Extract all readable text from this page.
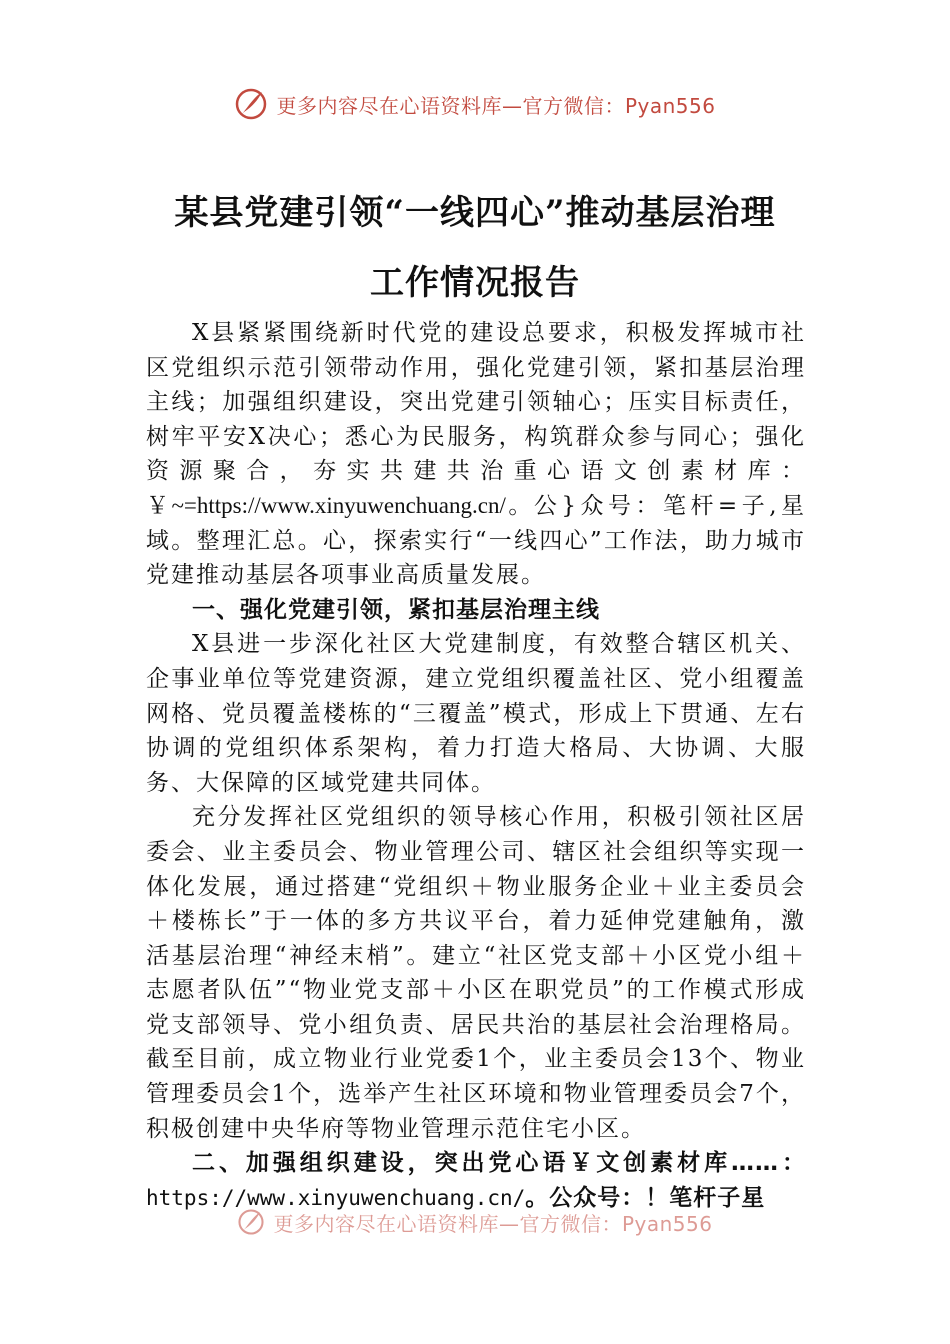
更多内容尽在心语资料库—官方微信：Pyan556
某县党建引领“一线四心”推动基层治理
工作情况报告

X县紧紧围绕新时代党的建设总要求，积极发挥城市社区党组织示范引领带动作用，强化党建引领，紧扣基层治理主线；加强组织建设，突出党建引领轴心；压实目标责任，树牢平安X决心；悉心为民服务，构筑群众参与同心；强化资源聚合，夯实共建共治重心语文创素材库：￥~=https://www.xinyuwenchuang.cn/。公}众号：笔杆=子,星域。整理汇总。心，探索实行“一线四心”工作法，助力城市党建推动基层各项事业高质量发展。

一、强化党建引领，紧扣基层治理主线

X县进一步深化社区大党建制度，有效整合辖区机关、企事业单位等党建资源，建立党组织覆盖社区、党小组覆盖网格、党员覆盖楼栋的“三覆盖”模式，形成上下贯通、左右协调的党组织体系架构，着力打造大格局、大协调、大服务、大保障的区域党建共同体。

充分发挥社区党组织的领导核心作用，积极引领社区居委会、业主委员会、物业管理公司、辖区社会组织等实现一体化发展，通过搭建“党组织＋物业服务企业＋业主委员会＋楼栋长”于一体的多方共议平台，着力延伸党建触角，激活基层治理“神经末梢”。建立“社区党支部＋小区党小组＋志愿者队伍”“物业党支部＋小区在职党员”的工作模式形成党支部领导、党小组负责、居民共治的基层社会治理格局。截至目前，成立物业行业党委1个，业主委员会13个、物业管理委员会1个，选举产生社区环境和物业管理委员会7个，积极创建中央华府等物业管理示范住宅小区。

二、加强组织建设，突出党心语￥文创素材库……：https://www.xinyuwenchuang.cn/。公众号：！笔杆子星

更多内容尽在心语资料库—官方微信：Pyan556
